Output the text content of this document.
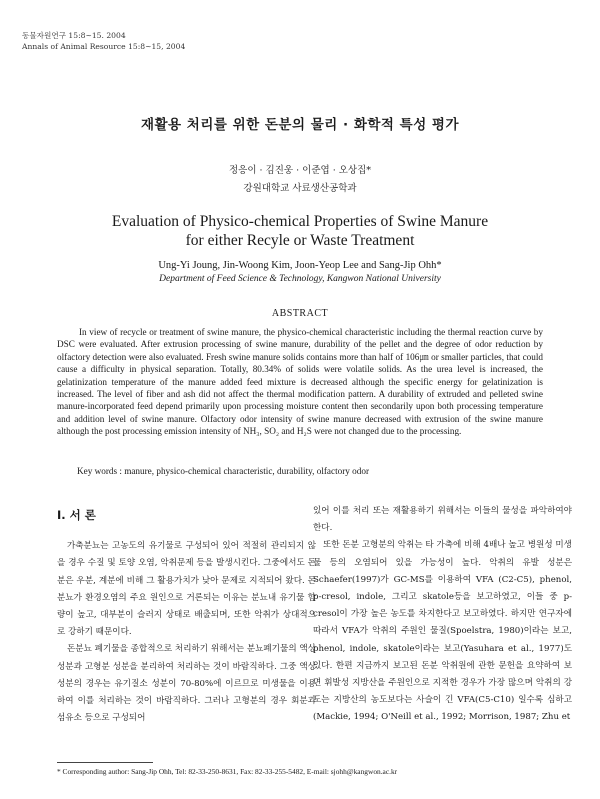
동물자원연구 15:8~15. 2004
Annals of Animal Resource 15:8~15, 2004
재활용 처리를 위한 돈분의 물리 · 화학적 특성 평가
정응이 · 김진웅 · 이준엽 · 오상집*
강원대학교 사료생산공학과
Evaluation of Physico-chemical Properties of Swine Manure
for either Recyle or Waste Treatment
Ung-Yi Joung, Jin-Woong Kim, Joon-Yeop Lee and Sang-Jip Ohh*
Department of Feed Science & Technology, Kangwon National University
ABSTRACT
In view of recycle or treatment of swine manure, the physico-chemical characteristic including the thermal reaction curve by DSC were evaluated. After extrusion processing of swine manure, durability of the pellet and the degree of odor reduction by olfactory detection were also evaluated. Fresh swine manure solids contains more than half of 106㎛ or smaller particles, that could cause a difficulty in physical separation. Totally, 80.34% of solids were volatile solids. As the urea level is increased, the gelatinization temperature of the manure added feed mixture is decreased although the specific energy for gelatinization is increased. The level of fiber and ash did not affect the thermal modification pattern. A durability of extruded and pelleted swine manure-incorporated feed depend primarily upon processing moisture content then secondarily upon both processing temperature and addition level of swine manure. Olfactory odor intensity of swine manure decreased with extrusion of the swine manure although the post processing emission intensity of NH₃, SO₂ and H₂S were not changed due to the processing.
Key words : manure, physico-chemical characteristic, durability, olfactory odor
Ⅰ. 서 론

가축분뇨는 고농도의 유기물로 구성되어 있어 적절히 관리되지 않을 경우 수질 및 토양 오염, 악취문제 등을 발생시킨다. 그중에서도 돈분은 우분, 계분에 비해 그 활용가치가 낮아 문제로 지적되어 왔다. 돈분뇨가 환경오염의 주요 원인으로 거론되는 이유는 분뇨내 유기물 함량이 높고, 대부분이 슬러지 상태로 배출되며, 또한 악취가 상대적으로 강하기 때문이다.

돈분뇨 폐기물을 종합적으로 처리하기 위해서는 분뇨폐기물의 액상성분과 고형분 성분을 분리하여 처리하는 것이 바람직하다. 그중 액상성분의 경우는 유기질소 성분이 70-80%에 이르므로 미생물을 이용하여 이를 처리하는 것이 바람직하다. 그러나 고형분의 경우 회분과 섬유소 등으로 구성되어

있어 이를 처리 또는 재활용하기 위해서는 이들의 물성을 파악하여야 한다.

또한 돈분 고형분의 악취는 타 가축에 비해 4배나 높고 병원성 미생물 등의 오염되어 있을 가능성이 높다. 악취의 유발 성분은 Schaefer(1997)가 GC-MS를 이용하여 VFA (C2-C5), phenol, p-cresol, indole, 그리고 skatole등을 보고하였고, 이들 중 p-cresol이 가장 높은 농도를 차지한다고 보고하였다. 하지만 연구자에 따라서 VFA가 악취의 주원인 물질(Spoelstra, 1980)이라는 보고, phenol, indole, skatole이라는 보고(Yasuhara et al., 1977)도 있다. 한편 지금까지 보고된 돈분 악취원에 관한 문헌을 요약하여 보면 휘발성 지방산을 주원인으로 지적한 경우가 가장 많으며 악취의 강도는 지방산의 농도보다는 사슬이 긴 VFA(C5-C10) 일수록 심하고 (Mackie, 1994; O'Neill et al., 1992; Morrison, 1987; Zhu et

* Corresponding author: Sang-Jip Ohh, Tel: 82-33-250-8631, Fax: 82-33-255-5482, E-mail: sjohh@kangwon.ac.kr
